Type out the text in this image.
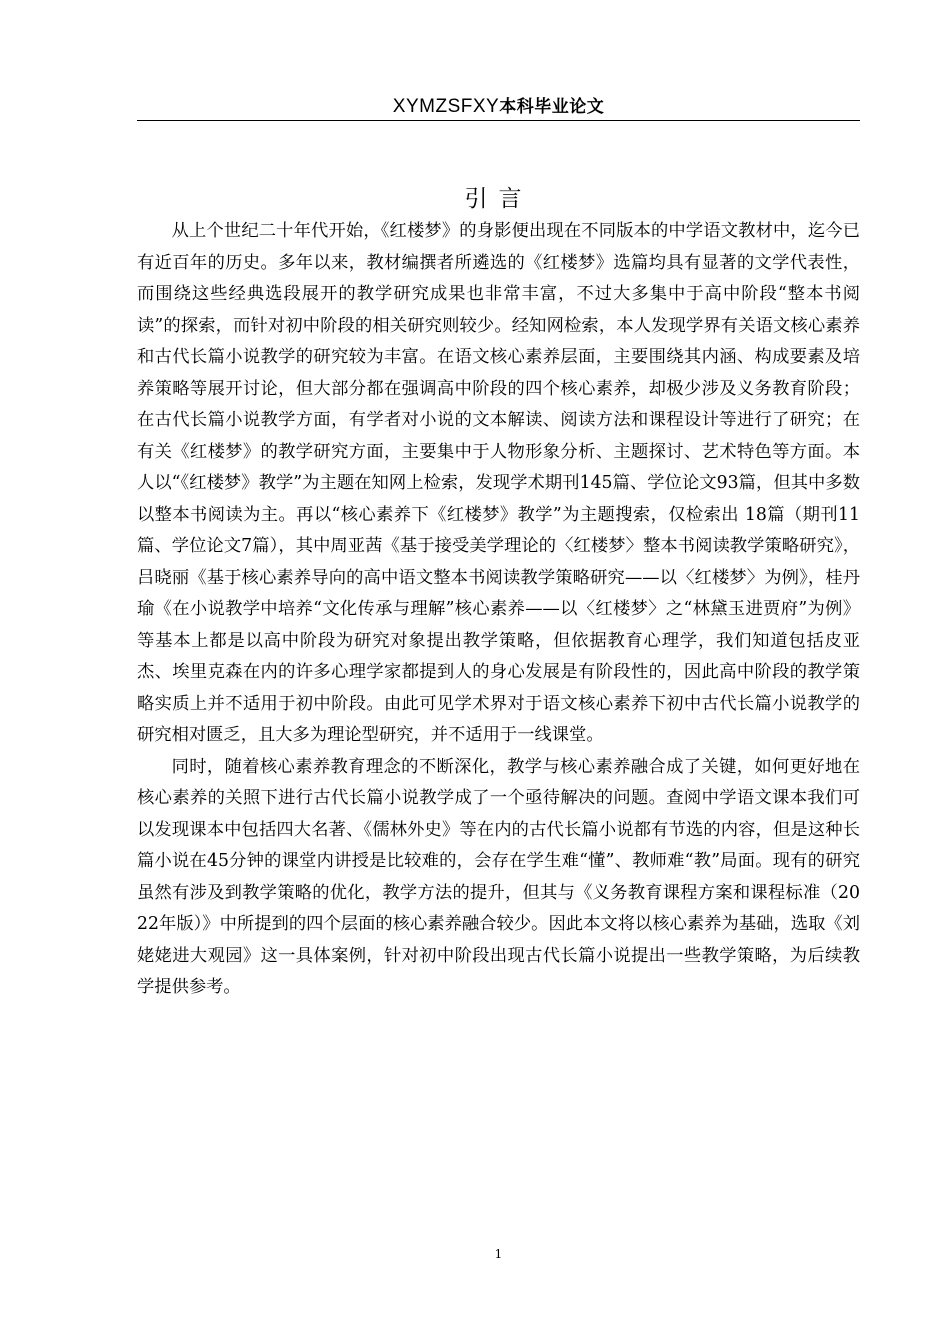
XYMZSFXY本科毕业论文
引言

从上个世纪二十年代开始，《红楼梦》的身影便出现在不同版本的中学语文教材中，迄今已有近百年的历史。多年以来，教材编撰者所遴选的《红楼梦》选篇均具有显著的文学代表性，而围绕这些经典选段展开的教学研究成果也非常丰富，不过大多集中于高中阶段“整本书阅读”的探索，而针对初中阶段的相关研究则较少。经知网检索，本人发现学界有关语文核心素养和古代长篇小说教学的研究较为丰富。在语文核心素养层面，主要围绕其内涵、构成要素及培养策略等展开讨论，但大部分都在强调高中阶段的四个核心素养，却极少涉及义务教育阶段；在古代长篇小说教学方面，有学者对小说的文本解读、阅读方法和课程设计等进行了研究；在有关《红楼梦》的教学研究方面，主要集中于人物形象分析、主题探讨、艺术特色等方面。本人以“《红楼梦》教学”为主题在知网上检索，发现学术期刊145篇、学位论文93篇，但其中多数以整本书阅读为主。再以“核心素养下《红楼梦》教学”为主题搜索，仅检索出 18篇（期刊11篇、学位论文7篇），其中周亚茜《基于接受美学理论的〈红楼梦〉整本书阅读教学策略研究》，吕晓丽《基于核心素养导向的高中语文整本书阅读教学策略研究——以〈红楼梦〉为例》，桂丹瑜《在小说教学中培养“文化传承与理解”核心素养——以〈红楼梦〉之“林黛玉进贾府”为例》等基本上都是以高中阶段为研究对象提出教学策略，但依据教育心理学，我们知道包括皮亚杰、埃里克森在内的许多心理学家都提到人的身心发展是有阶段性的，因此高中阶段的教学策略实质上并不适用于初中阶段。由此可见学术界对于语文核心素养下初中古代长篇小说教学的研究相对匮乏，且大多为理论型研究，并不适用于一线课堂。

同时，随着核心素养教育理念的不断深化，教学与核心素养融合成了关键，如何更好地在核心素养的关照下进行古代长篇小说教学成了一个亟待解决的问题。查阅中学语文课本我们可以发现课本中包括四大名著、《儒林外史》等在内的古代长篇小说都有节选的内容，但是这种长篇小说在45分钟的课堂内讲授是比较难的，会存在学生难“懂”、教师难“教”局面。现有的研究虽然有涉及到教学策略的优化，教学方法的提升，但其与《义务教育课程方案和课程标准（2022年版）》中所提到的四个层面的核心素养融合较少。因此本文将以核心素养为基础，选取《刘姥姥进大观园》这一具体案例，针对初中阶段出现古代长篇小说提出一些教学策略，为后续教学提供参考。

1
